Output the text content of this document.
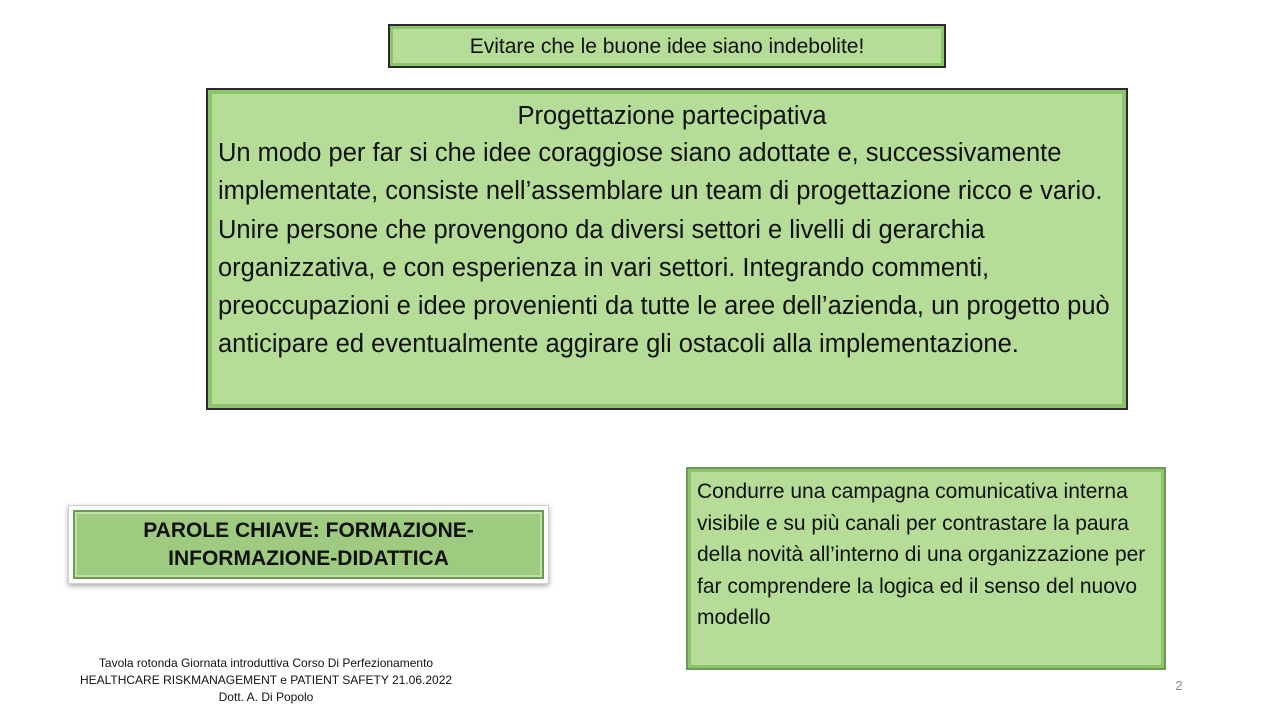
Evitare che le buone idee siano indebolite!
Progettazione partecipativa

Un modo per far si che idee coraggiose siano adottate e, successivamente implementate, consiste nell’assemblare un team di progettazione ricco e vario. Unire persone che provengono da diversi settori e livelli di gerarchia organizzativa, e con esperienza in vari settori. Integrando commenti, preoccupazioni e idee provenienti da tutte le aree dell’azienda, un progetto può anticipare ed eventualmente aggirare gli ostacoli alla implementazione.

PAROLE CHIAVE: FORMAZIONE-INFORMAZIONE-DIDATTICA
Condurre una campagna comunicativa interna visibile e su più canali per contrastare la paura della novità all’interno di una organizzazione per far comprendere la logica ed il senso del nuovo modello
Tavola rotonda Giornata introduttiva Corso Di Perfezionamento
HEALTHCARE RISKMANAGEMENT e PATIENT SAFETY 21.06.2022
Dott. A. Di Popolo
2
